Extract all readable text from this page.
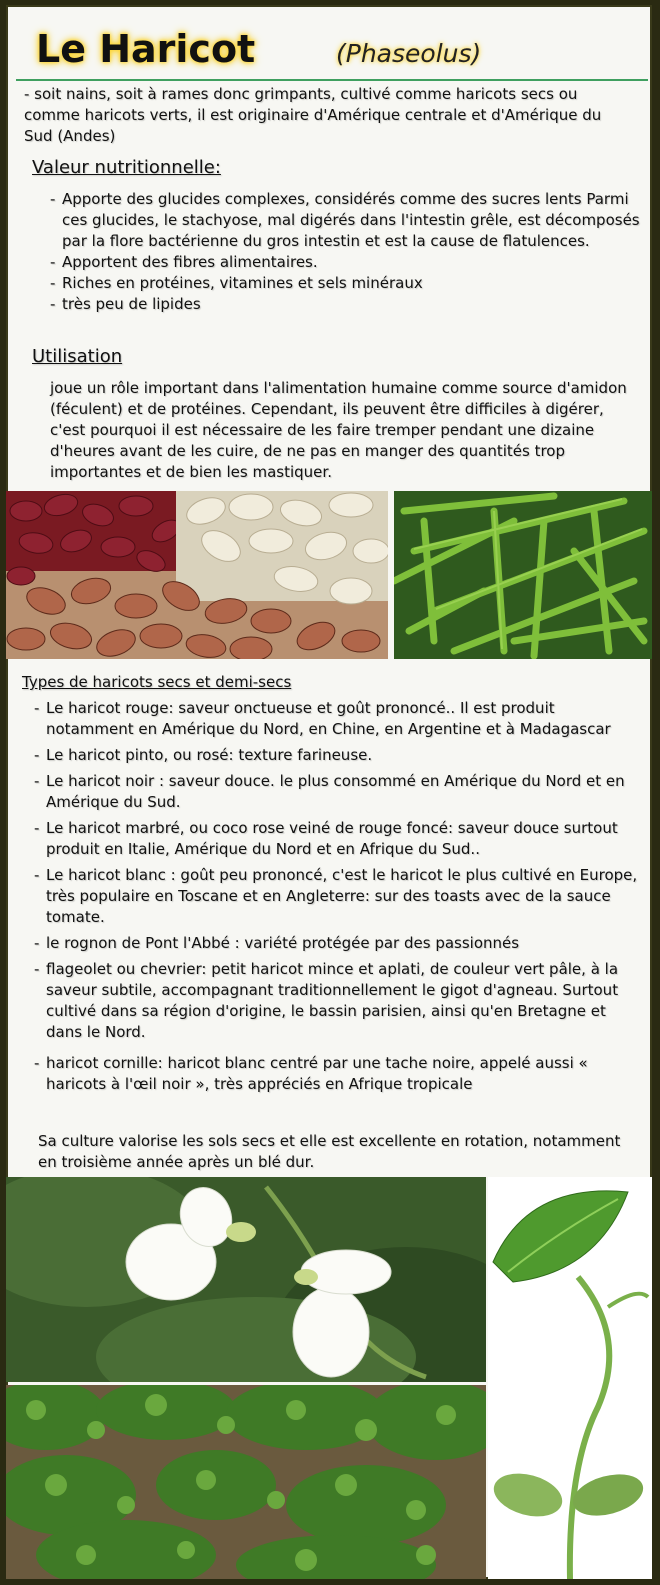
Le Haricot	(Phaseolus)
- soit nains, soit à rames donc grimpants, cultivé comme haricots secs ou comme haricots verts, il est originaire d'Amérique centrale et d'Amérique du Sud (Andes)
Valeur nutritionnelle:
- Apporte des glucides complexes, considérés comme des sucres lents Parmi ces glucides, le stachyose, mal digérés dans l'intestin grêle, est décomposés par la flore bactérienne du gros intestin et est la cause de flatulences.
- Apportent des fibres alimentaires.
- Riches en protéines, vitamines et sels minéraux
- très peu de lipides
Utilisation
joue un rôle important dans l'alimentation humaine comme source d'amidon (féculent) et de protéines. Cependant, ils peuvent être difficiles à digérer, c'est pourquoi il est nécessaire de les faire tremper pendant une dizaine d'heures avant de les cuire, de ne pas en manger des quantités trop importantes et de bien les mastiquer.
Types de haricots secs et demi-secs
- Le haricot rouge: saveur onctueuse et goût prononcé.. Il est produit notamment en Amérique du Nord, en Chine, en Argentine et à Madagascar
- Le haricot pinto, ou rosé: texture farineuse.
- Le haricot noir : saveur douce. le plus consommé en Amérique du Nord et en Amérique du Sud.
- Le haricot marbré, ou coco rose veiné de rouge foncé: saveur douce surtout produit en Italie, Amérique du Nord et en Afrique du Sud..
- Le haricot blanc : goût peu prononcé, c'est le haricot le plus cultivé en Europe, très populaire en Toscane et en Angleterre: sur des toasts avec de la sauce tomate.
- le rognon de Pont l'Abbé : variété protégée par des passionnés
- flageolet ou chevrier: petit haricot mince et aplati, de couleur vert pâle, à la saveur subtile, accompagnant traditionnellement le gigot d'agneau. Surtout cultivé dans sa région d'origine, le bassin parisien, ainsi qu'en Bretagne et dans le Nord.
- haricot cornille: haricot blanc centré par une tache noire, appelé aussi « haricots à l'œil noir », très appréciés en Afrique tropicale
Sa culture valorise les sols secs et elle est excellente en rotation, notamment en troisième année après un blé dur.
